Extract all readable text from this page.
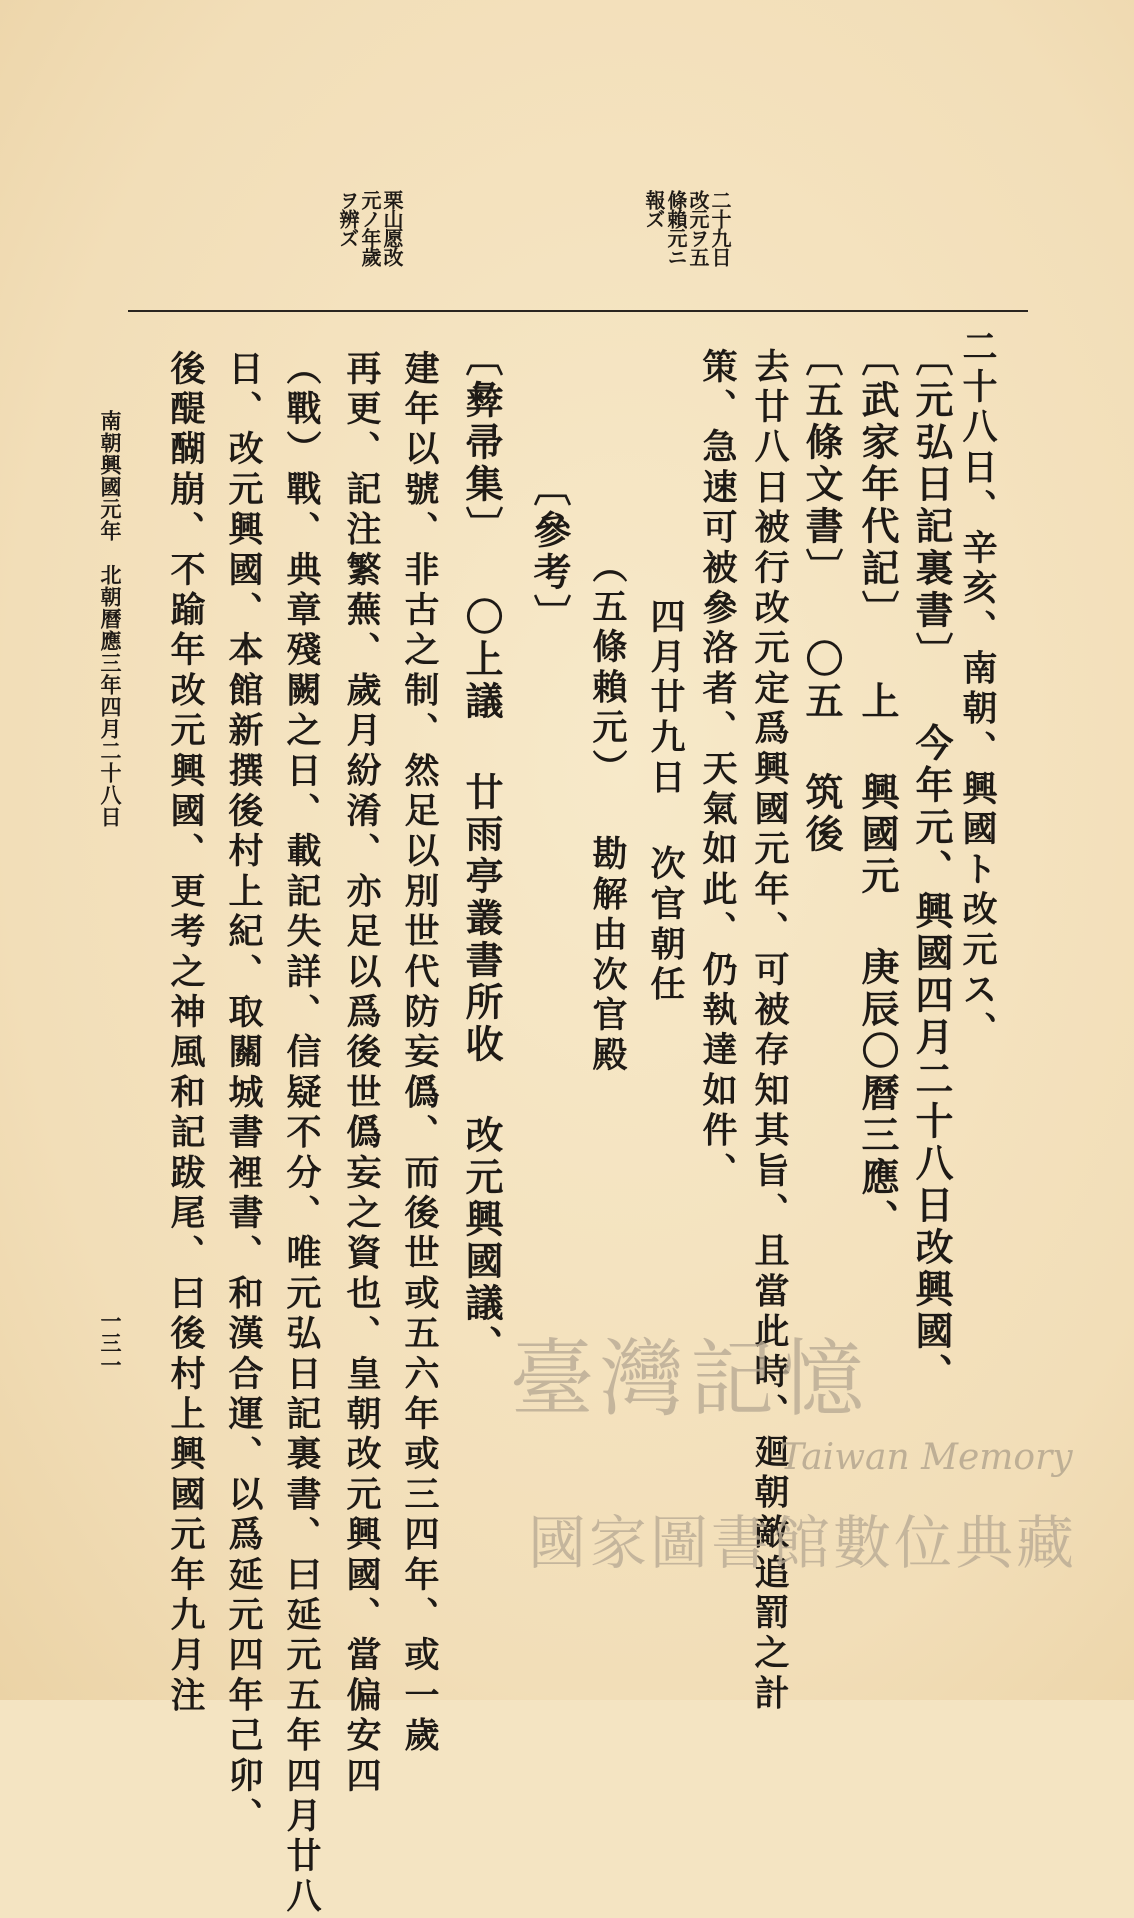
二十九日
改元ヲ五
條賴元ニ
報ズ
栗山愿改
元ノ年歲
ヲ辨ズ
二十八日、辛亥、南朝、興國ト改元ス、
〔元弘日記裏書〕 今年元、興國四月二十八日改興國、
〔武家年代記〕 上 興國元 庚辰〇曆三應、
〔五條文書〕 〇五 筑後
去廿八日被行改元定爲興國元年、可被存知其旨、且當此時、廻朝敵追罰之計
策、急速可被參洛者、天氣如此、仍執達如件、
四月廿九日 次官朝任
（五條賴元） 勘解由次官殿
〔參考〕
〔彜帚集〕 〇上議 廿雨亭叢書所收 改元興國議、
建年以號、非古之制、然足以別世代防妄僞、而後世或五六年或三四年、或一歲
再更、記注繁蕪、歲月紛淆、亦足以爲後世僞妄之資也、皇朝改元興國、當偏安四
（戰）戰、典章殘闕之日、載記失詳、信疑不分、唯元弘日記裏書、曰延元五年四月廿八
日、改元興國、本館新撰後村上紀、取關城書裡書、和漢合運、以爲延元四年己卯、
後醍醐崩、不踰年改元興國、更考之神風和記跋尾、曰後村上興國元年九月注
南朝興國元年　北朝曆應三年四月二十八日
一三一	臺灣記憶
Taiwan Memory
國家圖書館數位典藏
